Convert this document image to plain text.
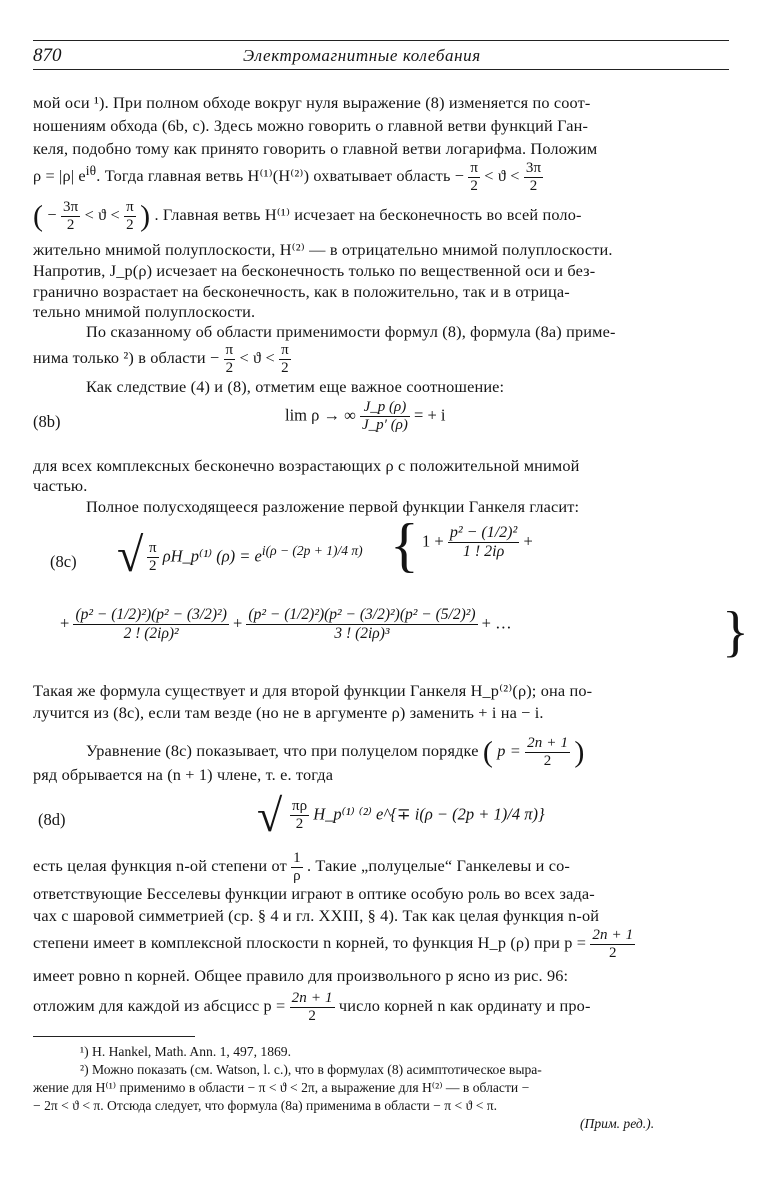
870	Электромагнитные колебания
мой оси ¹). При полном обходе вокруг нуля выражение (8) изменяется по соот-
ношениям обхода (6b, c). Здесь можно говорить о главной ветви функций Ган-
келя, подобно тому как принято говорить о главной ветви логарифма. Положим
ρ = |ρ| $e^{i\theta}$. Тогда главная ветвь H⁽¹⁾(H⁽²⁾) охватывает область − $\frac{\pi}{2} < ϑ < \frac{3\pi}{2}$
( − $\frac{3\pi}{2} < ϑ < \frac{\pi}{2}$ ) . Главная ветвь H⁽¹⁾ исчезает на бесконечность во всей поло-
жительно мнимой полуплоскости, H⁽²⁾ — в отрицательно мнимой полуплоскости.
Напротив, J_p(ρ) исчезает на бесконечность только по вещественной оси и без-
гранично возрастает на бесконечность, как в положительно, так и в отрица-
тельно мнимой полуплоскости.
По сказанному об области применимости формул (8), формула (8a) приме-
нима только ²) в области − $\frac{\pi}{2} < ϑ < \frac{\pi}{2}$
Как следствие (4) и (8), отметим еще важное соотношение:
(8b)	lim ρ → ∞ $\frac{J\_p (\rho)}{J\_p' (\rho)}$ = + i
для всех комплексных бесконечно возрастающих ρ с положительной мнимой
частью.
Полное полусходящееся разложение первой функции Ганкеля гласит:
(8c) √ $\frac{\pi}{2}$ ρH_p⁽¹⁾ $(\rho) = e^{i(\rho - (2p + 1)/4 \pi)}$ { $1 + \frac{\text{p² − (1/2)²}}{1 ! 2i\rho}$ +
+ $\frac{\text{(p² − (1/2)²)(p² − (3/2)²)}}{\text{2 ! (2iρ)²}} + \frac{\text{(p² − (1/2)²)(p² − (3/2)²)(p² − (5/2)²)}}{\text{3 ! (2iρ)³}}$ + …	}
Такая же формула существует и для второй функции Ганкеля H_p⁽²⁾(ρ); она по-
лучится из (8c), если там везде (но не в аргументе ρ) заменить + i на − i.
Уравнение (8c) показывает, что при полуцелом порядке ( $p = \frac{2n + 1}{2}$ )
ряд обрывается на (n + 1) члене, т. е. тогда
(8d)	√ $\frac{\pi\rho}{2}$ H_p⁽¹⁾ ⁽²⁾ e^{∓ i(ρ − (2p + 1)/4 π)}
есть целая функция n-ой степени от $\frac{1}{\rho}$ . Такие „полуцелые“ Ганкелевы и со-
ответствующие Бесселевы функции играют в оптике особую роль во всех зада-
чах с шаровой симметрией (ср. § 4 и гл. XXIII, § 4). Так как целая функция n-ой
степени имеет в комплексной плоскости n корней, то функция H_p (ρ) при $p = \frac{2n + 1}{2}$
имеет ровно n корней. Общее правило для произвольного p ясно из рис. 96:
отложим для каждой из абсцисс $p = \frac{2n + 1}{2}$ число корней n как ординату и про-
¹) H. Hankel, Math. Ann. 1, 497, 1869.
²) Можно показать (см. Watson, l. c.), что в формулах (8) асимптотическое выра-
жение для H⁽¹⁾ применимо в области − π < ϑ < 2π, а выражение для H⁽²⁾ — в области −
− 2π < ϑ < π. Отсюда следует, что формула (8a) применима в области − π < ϑ < π.
(Прим. ред.).
